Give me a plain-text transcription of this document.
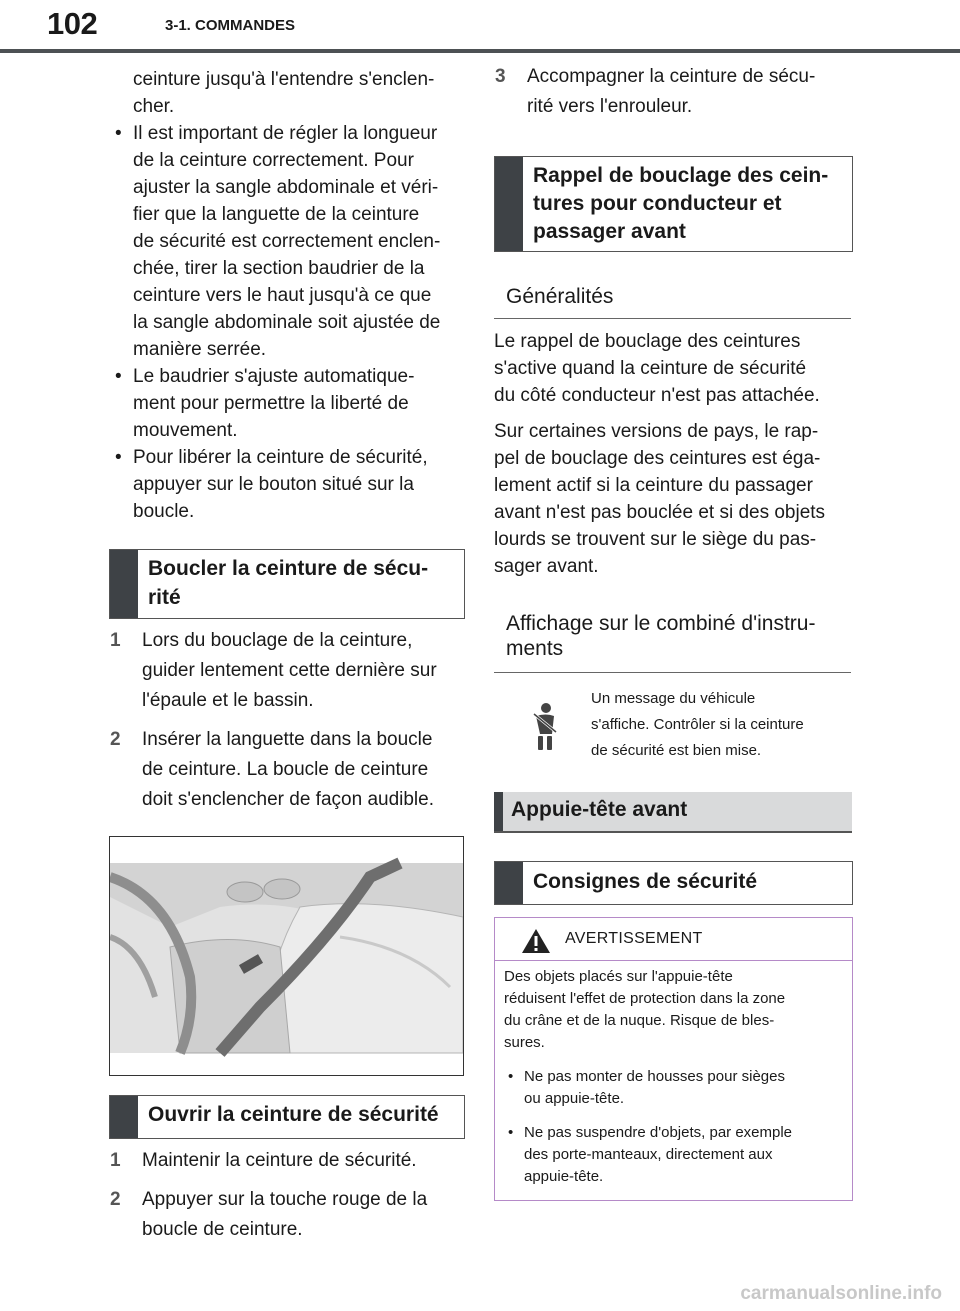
102	3-1. COMMANDES
ceinture jusqu'à l'entendre s'enclen-
cher.
• Il est important de régler la longueur
de la ceinture correctement. Pour
ajuster la sangle abdominale et véri-
fier que la languette de la ceinture
de sécurité est correctement enclen-
chée, tirer la section baudrier de la
ceinture vers le haut jusqu'à ce que
la sangle abdominale soit ajustée de
manière serrée.
• Le baudrier s'ajuste automatique-
ment pour permettre la liberté de
mouvement.
• Pour libérer la ceinture de sécurité,
appuyer sur le bouton situé sur la
boucle.
Boucler la ceinture de sécu-
rité
1 Lors du bouclage de la ceinture,
guider lentement cette dernière sur
l'épaule et le bassin.
2 Insérer la languette dans la boucle
de ceinture. La boucle de ceinture
doit s'enclencher de façon audible.
Ouvrir la ceinture de sécurité
1 Maintenir la ceinture de sécurité.
2 Appuyer sur la touche rouge de la
boucle de ceinture.
3 Accompagner la ceinture de sécu-
rité vers l'enrouleur.
Rappel de bouclage des cein-
tures pour conducteur et
passager avant
Généralités
Le rappel de bouclage des ceintures
s'active quand la ceinture de sécurité
du côté conducteur n'est pas attachée.
Sur certaines versions de pays, le rap-
pel de bouclage des ceintures est éga-
lement actif si la ceinture du passager
avant n'est pas bouclée et si des objets
lourds se trouvent sur le siège du pas-
sager avant.
Affichage sur le combiné d'instru-
ments
Un message du véhicule
s'affiche. Contrôler si la ceinture
de sécurité est bien mise.
Appuie-tête avant
Consignes de sécurité
AVERTISSEMENT
Des objets placés sur l'appuie-tête
réduisent l'effet de protection dans la zone
du crâne et de la nuque. Risque de bles-
sures.
• Ne pas monter de housses pour sièges
ou appuie-tête.
• Ne pas suspendre d'objets, par exemple
des porte-manteaux, directement aux
appuie-tête.
carmanualsonline.info
